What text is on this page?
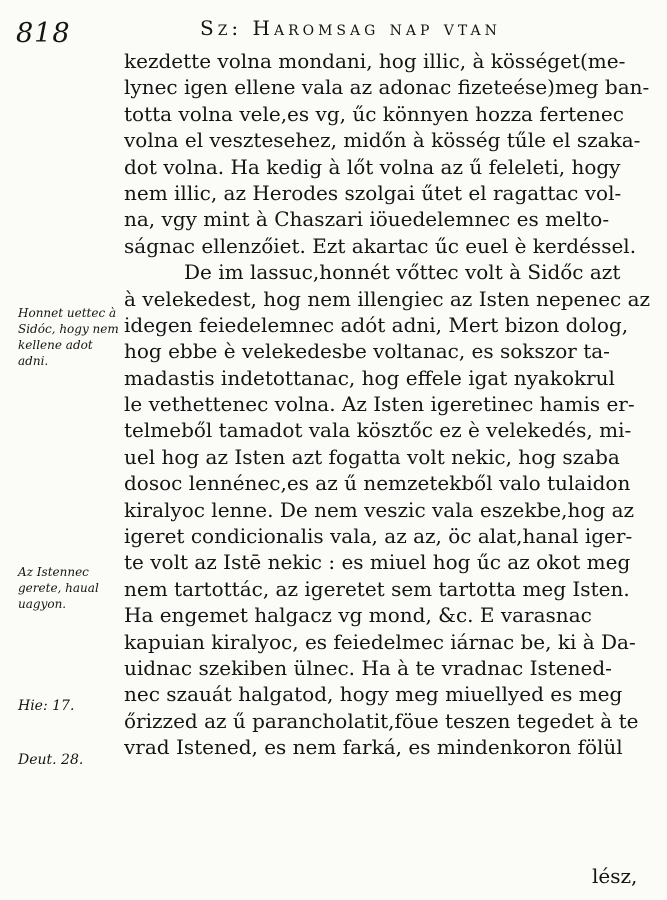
818	Sz: Haromsag nap vtan
kezdette volna mondani, hog illic, à kösséget(me-
lynec igen ellene vala az adonac fizeteése)meg ban-
totta volna vele,es vg, űc könnyen hozza fertenec
volna el vesztesehez, midőn à kösség tűle el szaka-
dot volna. Ha kedig à lőt volna az ű feleleti, hogy
nem illic, az Herodes szolgai űtet el ragattac vol-
na, vgy mint à Chaszari iöuedelemnec es melto-
ságnac ellenzőiet. Ezt akartac űc euel è kerdéssel.
De im lassuc,honnét vőttec volt à Sidőc azt
à velekedest, hog nem illengiec az Isten nepenec az
idegen feiedelemnec adót adni, Mert bizon dolog,
hog ebbe è velekedesbe voltanac, es sokszor ta-
madastis indetottanac, hog effele igat nyakokrul
le vethettenec volna. Az Isten igeretinec hamis er-
telmeből tamadot vala kösztőc ez è velekedés, mi-
uel hog az Isten azt fogatta volt nekic, hog szaba
dosoc lennénec,es az ű nemzetekből valo tulaidon
kiralyoc lenne. De nem veszic vala eszekbe,hog az
igeret condicionalis vala, az az, öc alat,hanal iger-
te volt az Istē nekic : es miuel hog űc az okot meg
nem tartottác, az igeretet sem tartotta meg Isten.
Ha engemet halgacz vg mond, &c. E varasnac
kapuian kiralyoc, es feiedelmec iárnac be, ki à Da-
uidnac szekiben ülnec. Ha à te vradnac Istened-
nec szauát halgatod, hogy meg miuellyed es meg
őrizzed az ű parancholatit,föue teszen tegedet à te
vrad Istened, es nem farká, es mindenkoron fölül
lész,
Honnet uettec à Sidóc, hogy nem kellene adot adni.
Az Istennec gerete, haual uagyon.
Hie: 17.
Deut. 28.
